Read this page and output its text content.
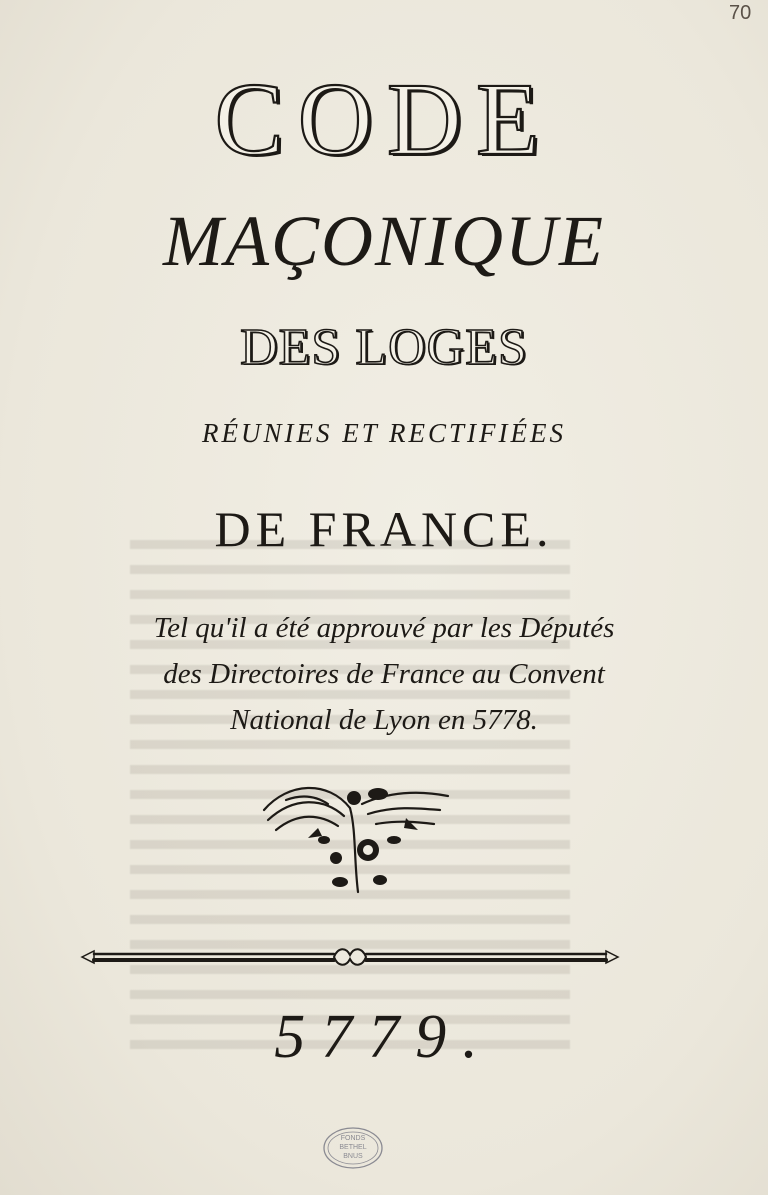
70
CODE
MAÇONIQUE
DES LOGES
RÉUNIES ET RECTIFIÉES
DE FRANCE.
Tel qu'il a été approuvé par les Députés
des Directoires de France au Convent
National de Lyon en 5778.
5779.
FONDS
BETHEL
BNUS
